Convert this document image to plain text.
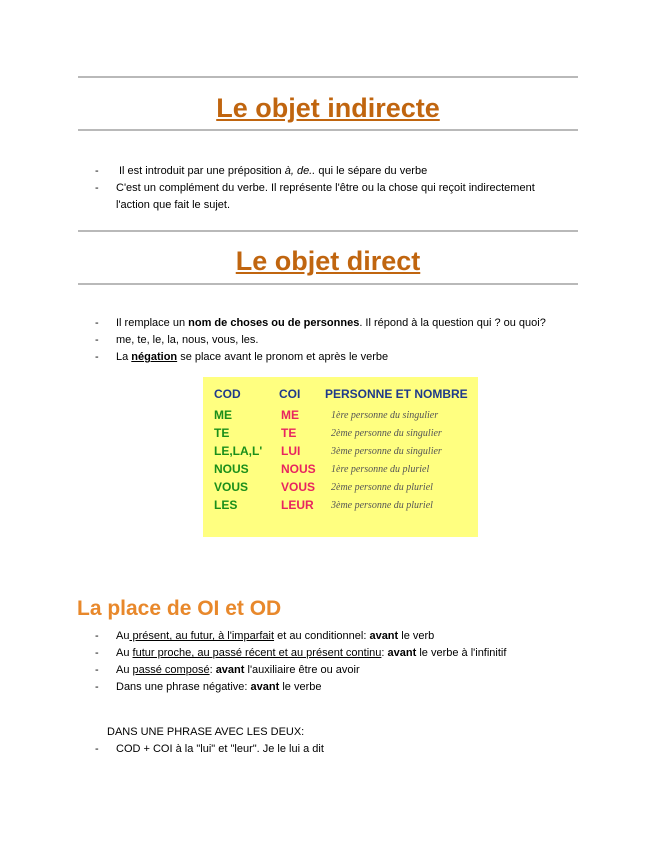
Le objet indirecte
- Il est introduit par une préposition à, de.. qui le sépare du verbe
- C'est un complément du verbe. Il représente l'être ou la chose qui reçoit indirectement
l'action que fait le sujet.
Le objet direct
- Il remplace un nom de choses ou de personnes. Il répond à la question qui ? ou quoi?
- me, te, le, la, nous, vous, les.
- La négation se place avant le pronom et après le verbe
COD	COI PERSONNE ET NOMBRE
ME	ME	1ère personne du singulier
TE	TE	2ème personne du singulier
LE,LA,L' LUI	3ème personne du singulier
NOUS	NOUS 1ère personne du pluriel
VOUS	VOUS 2ème personne du pluriel
LES	LEUR 3ème personne du pluriel
La place de OI et OD
- Au présent, au futur, à l'imparfait et au conditionnel: avant le verb
- Au futur proche, au passé récent et au présent continu: avant le verbe à l'infinitif
- Au passé composé: avant l'auxiliaire être ou avoir
- Dans une phrase négative: avant le verbe
DANS UNE PHRASE AVEC LES DEUX:
- COD + COI à la "lui" et "leur". Je le lui a dit
